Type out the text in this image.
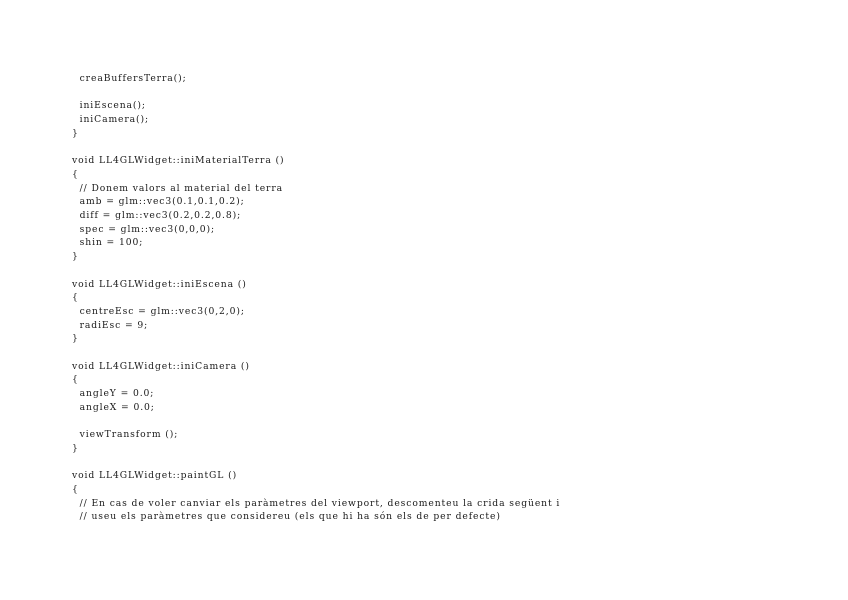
creaBuffersTerra();
iniEscena();
iniCamera();
}
void LL4GLWidget::iniMaterialTerra ()
{
// Donem valors al material del terra
amb = glm::vec3(0.1,0.1,0.2);
diff = glm::vec3(0.2,0.2,0.8);
spec = glm::vec3(0,0,0);
shin = 100;
}
void LL4GLWidget::iniEscena ()
{
centreEsc = glm::vec3(0,2,0);
radiEsc = 9;
}
void LL4GLWidget::iniCamera ()
{
angleY = 0.0;
angleX = 0.0;
viewTransform ();
}
void LL4GLWidget::paintGL ()
{
// En cas de voler canviar els paràmetres del viewport, descomenteu la crida següent i
// useu els paràmetres que considereu (els que hi ha són els de per defecte)
